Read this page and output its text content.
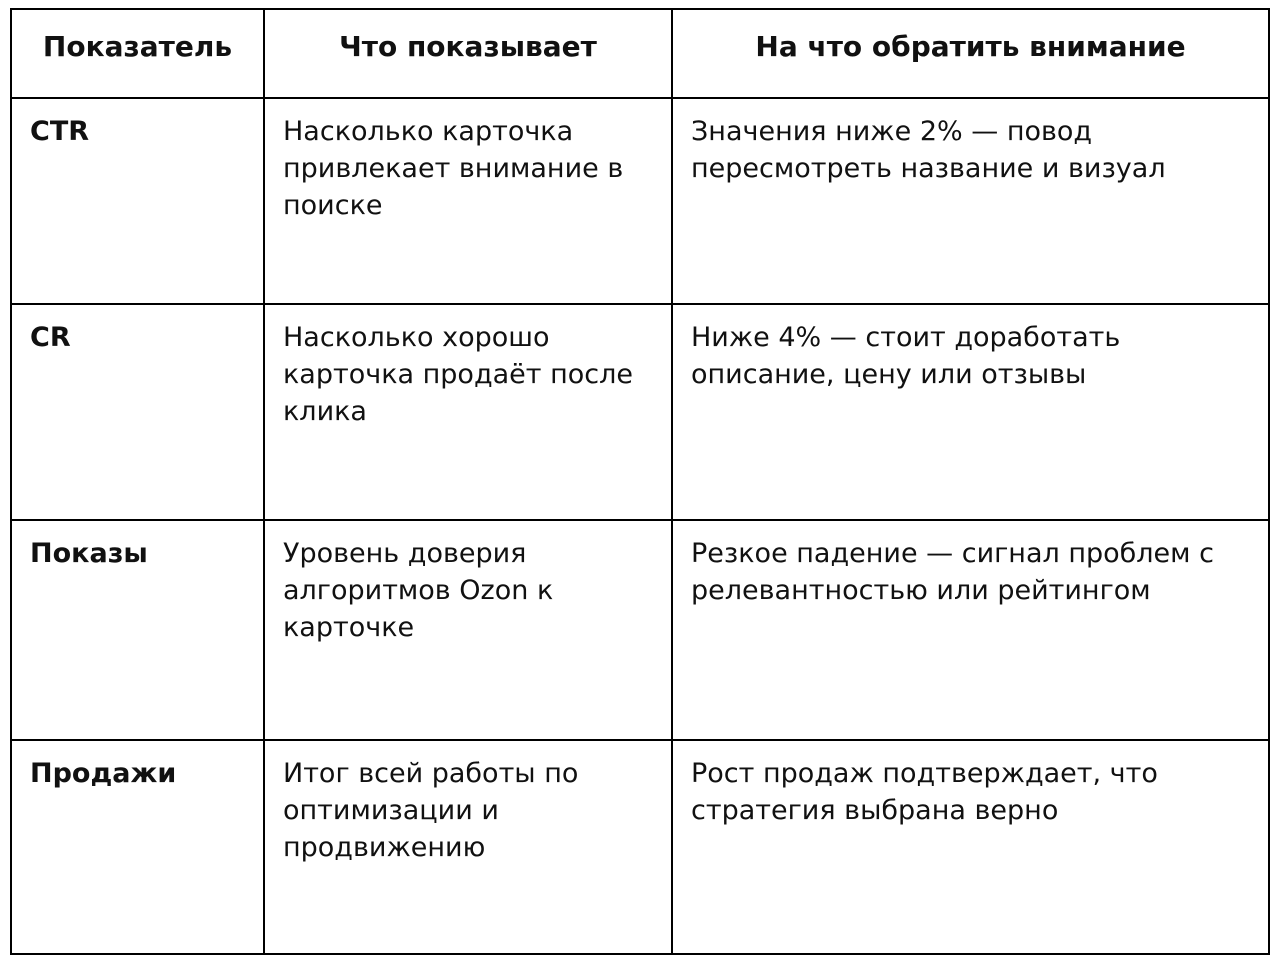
Показатель	Что показывает	На что обратить внимание

CTR	Насколько карточка привлекает внимание в поиске	Значения ниже 2% — повод пересмотреть название и визуал

CR	Насколько хорошо карточка продаёт после клика	Ниже 4% — стоит доработать описание, цену или отзывы

Показы	Уровень доверия алгоритмов Ozon к карточке	Резкое падение — сигнал проблем с релевантностью или рейтингом

Продажи	Итог всей работы по оптимизации и продвижению	Рост продаж подтверждает, что стратегия выбрана верно
